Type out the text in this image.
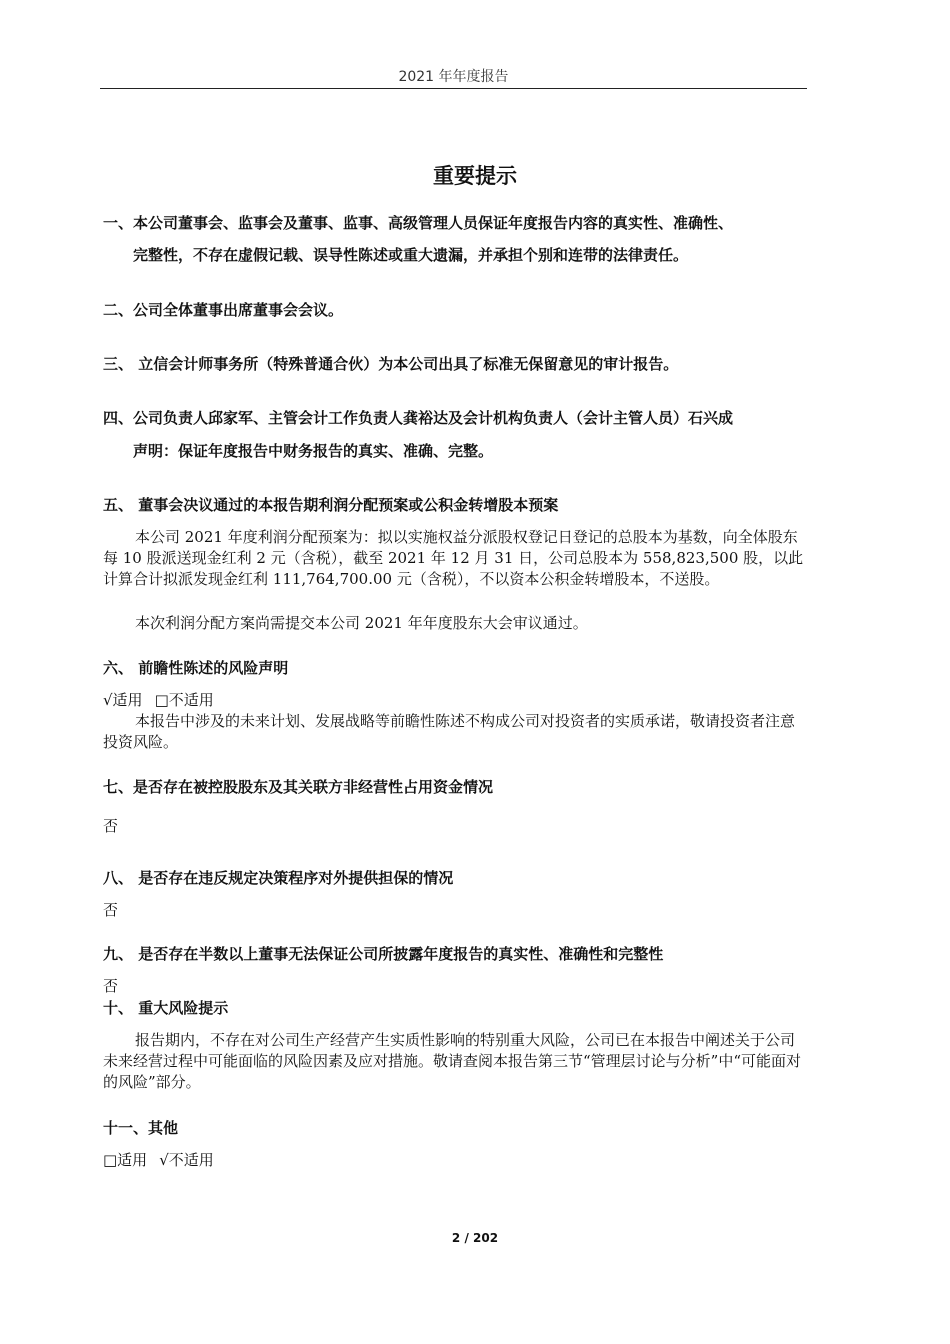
2021 年年度报告
重要提示
一、本公司董事会、监事会及董事、监事、高级管理人员保证年度报告内容的真实性、准确性、
完整性，不存在虚假记载、误导性陈述或重大遗漏，并承担个别和连带的法律责任。
二、公司全体董事出席董事会会议。
三、 立信会计师事务所（特殊普通合伙）为本公司出具了标准无保留意见的审计报告。
四、公司负责人邱家军、主管会计工作负责人龚裕达及会计机构负责人（会计主管人员）石兴成
声明：保证年度报告中财务报告的真实、准确、完整。
五、 董事会决议通过的本报告期利润分配预案或公积金转增股本预案
本公司 2021 年度利润分配预案为：拟以实施权益分派股权登记日登记的总股本为基数，向全体股东每 10 股派送现金红利 2 元（含税），截至 2021 年 12 月 31 日，公司总股本为 558,823,500 股，以此计算合计拟派发现金红利 111,764,700.00 元（含税），不以资本公积金转增股本，不送股。
本次利润分配方案尚需提交本公司 2021 年年度股东大会审议通过。
六、 前瞻性陈述的风险声明
√适用 □不适用
本报告中涉及的未来计划、发展战略等前瞻性陈述不构成公司对投资者的实质承诺，敬请投资者注意投资风险。
七、是否存在被控股股东及其关联方非经营性占用资金情况
否
八、 是否存在违反规定决策程序对外提供担保的情况
否
九、 是否存在半数以上董事无法保证公司所披露年度报告的真实性、准确性和完整性
否
十、 重大风险提示
报告期内，不存在对公司生产经营产生实质性影响的特别重大风险，公司已在本报告中阐述关于公司未来经营过程中可能面临的风险因素及应对措施。敬请查阅本报告第三节“管理层讨论与分析”中“可能面对的风险”部分。
十一、其他
□适用 √不适用
2 / 202
